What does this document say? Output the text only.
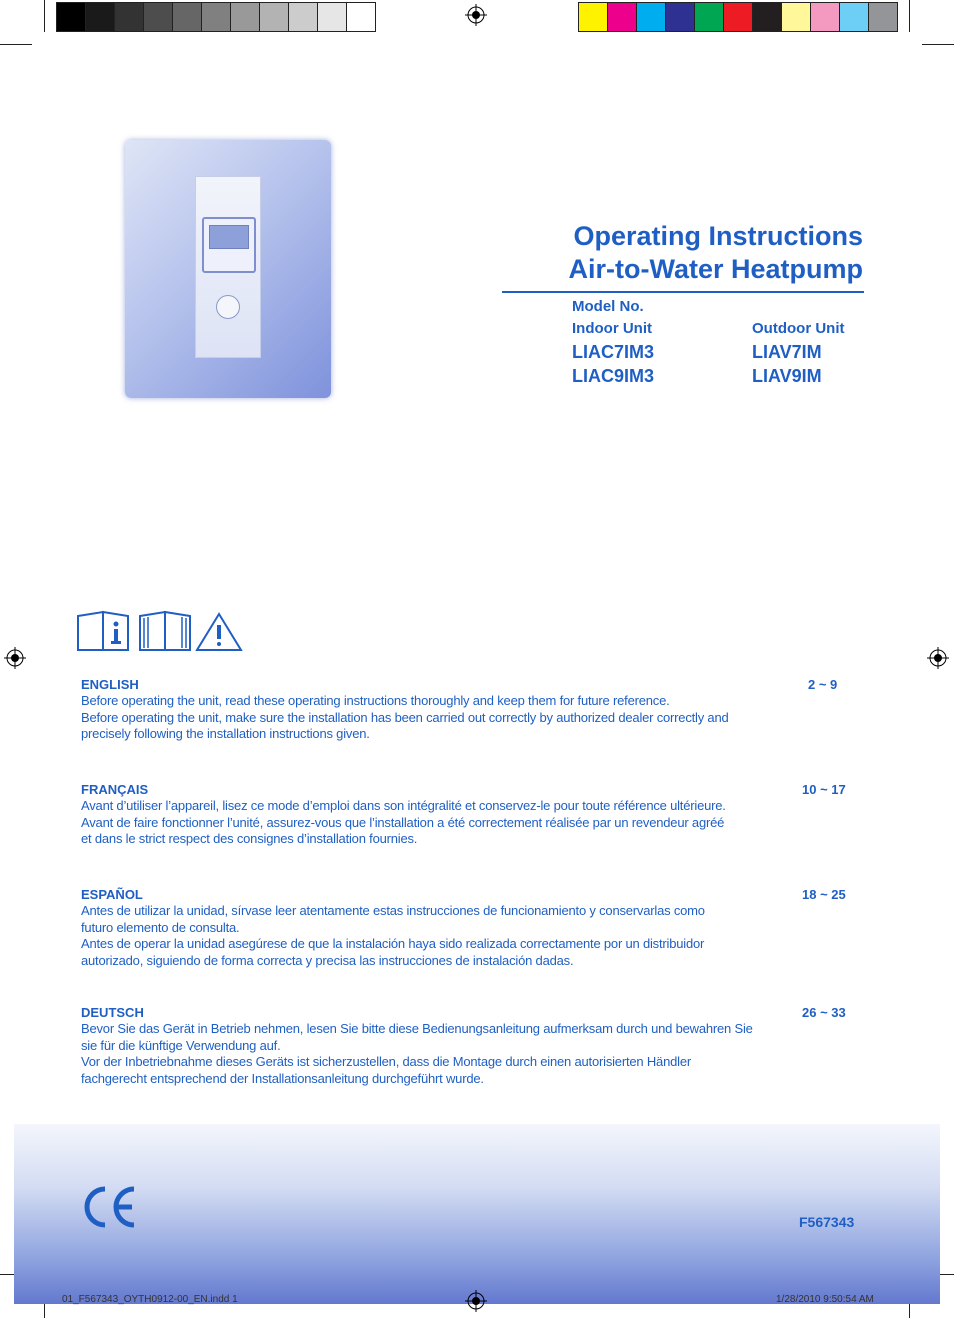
Operating Instructions
Air-to-Water Heatpump
Model No.
Indoor Unit	Outdoor Unit
LIAC7IM3
LIAC9IM3
LIAV7IM
LIAV9IM
ENGLISH
Before operating the unit, read these operating instructions thoroughly and keep them for future reference.
Before operating the unit, make sure the installation has been carried out correctly by authorized dealer correctly and
precisely following the installation instructions given.
2 ~ 9
FRANÇAIS
Avant d’utiliser l’appareil, lisez ce mode d’emploi dans son intégralité et conservez-le pour toute référence ultérieure.
Avant de faire fonctionner l’unité, assurez-vous que l’installation a été correctement réalisée par un revendeur agréé
et dans le strict respect des consignes d’installation fournies.
10 ~ 17
ESPAÑOL
Antes de utilizar la unidad, sírvase leer atentamente estas instrucciones de funcionamiento y conservarlas como
futuro elemento de consulta.
Antes de operar la unidad asegúrese de que la instalación haya sido realizada correctamente por un distribuidor
autorizado, siguiendo de forma correcta y precisa las instrucciones de instalación dadas.
18 ~ 25
DEUTSCH
Bevor Sie das Gerät in Betrieb nehmen, lesen Sie bitte diese Bedienungsanleitung aufmerksam durch und bewahren Sie
sie für die künftige Verwendung auf.
Vor der Inbetriebnahme dieses Geräts ist sicherzustellen, dass die Montage durch einen autorisierten Händler
fachgerecht entsprechend der Installationsanleitung durchgeführt wurde.
26 ~ 33
F567343
01_F567343_OYTH0912-00_EN.indd 1	1/28/2010 9:50:54 AM
